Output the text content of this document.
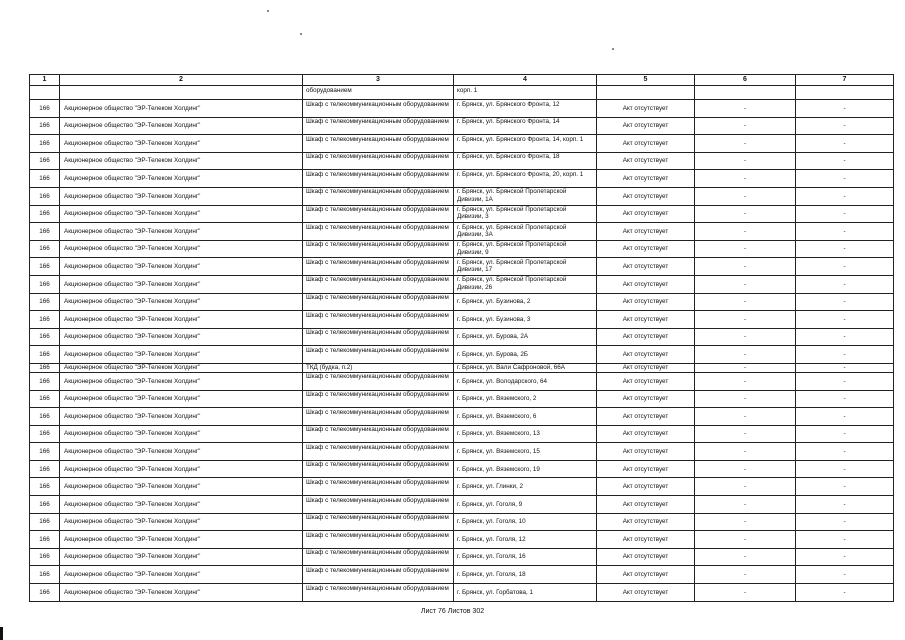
1	2	3	4	5	6	7
		оборудованием	корп. 1			
166	Акционерное общество "ЭР-Телеком Холдинг"	Шкаф с телекоммуникационным оборудованием	г. Брянск, ул. Брянского Фронта, 12	Акт отсутствует	-	-
166	Акционерное общество "ЭР-Телеком Холдинг"	Шкаф с телекоммуникационным оборудованием	г. Брянск, ул. Брянского Фронта, 14	Акт отсутствует	-	-
166	Акционерное общество "ЭР-Телеком Холдинг"	Шкаф с телекоммуникационным оборудованием	г. Брянск, ул. Брянского Фронта, 14, корп. 1	Акт отсутствует	-	-
166	Акционерное общество "ЭР-Телеком Холдинг"	Шкаф с телекоммуникационным оборудованием	г. Брянск, ул. Брянского Фронта, 18	Акт отсутствует	-	-
166	Акционерное общество "ЭР-Телеком Холдинг"	Шкаф с телекоммуникационным оборудованием	г. Брянск, ул. Брянского Фронта, 20, корп. 1	Акт отсутствует	-	-
166	Акционерное общество "ЭР-Телеком Холдинг"	Шкаф с телекоммуникационным оборудованием	г. Брянск, ул. Брянской Пролетарской Дивизии, 1А	Акт отсутствует	-	-
166	Акционерное общество "ЭР-Телеком Холдинг"	Шкаф с телекоммуникационным оборудованием	г. Брянск, ул. Брянской Пролетарской Дивизии, 3	Акт отсутствует	-	-
166	Акционерное общество "ЭР-Телеком Холдинг"	Шкаф с телекоммуникационным оборудованием	г. Брянск, ул. Брянской Пролетарской Дивизии, 3А	Акт отсутствует	-	-
166	Акционерное общество "ЭР-Телеком Холдинг"	Шкаф с телекоммуникационным оборудованием	г. Брянск, ул. Брянской Пролетарской Дивизии, 9	Акт отсутствует	-	-
166	Акционерное общество "ЭР-Телеком Холдинг"	Шкаф с телекоммуникационным оборудованием	г. Брянск, ул. Брянской Пролетарской Дивизии, 17	Акт отсутствует	-	-
166	Акционерное общество "ЭР-Телеком Холдинг"	Шкаф с телекоммуникационным оборудованием	г. Брянск, ул. Брянской Пролетарской Дивизии, 26	Акт отсутствует	-	-
166	Акционерное общество "ЭР-Телеком Холдинг"	Шкаф с телекоммуникационным оборудованием	г. Брянск, ул. Бузинова, 2	Акт отсутствует	-	-
166	Акционерное общество "ЭР-Телеком Холдинг"	Шкаф с телекоммуникационным оборудованием	г. Брянск, ул. Бузинова, 3	Акт отсутствует	-	-
166	Акционерное общество "ЭР-Телеком Холдинг"	Шкаф с телекоммуникационным оборудованием	г. Брянск, ул. Бурова, 2А	Акт отсутствует	-	-
166	Акционерное общество "ЭР-Телеком Холдинг"	Шкаф с телекоммуникационным оборудованием	г. Брянск, ул. Бурова, 2Б	Акт отсутствует	-	-
166	Акционерное общество "ЭР-Телеком Холдинг"	ТКД (будка, п.2)	г. Брянск, ул. Вали Сафроновой, 66А	Акт отсутствует	-	-
166	Акционерное общество "ЭР-Телеком Холдинг"	Шкаф с телекоммуникационным оборудованием	г. Брянск, ул. Володарского, 64	Акт отсутствует	-	-
166	Акционерное общество "ЭР-Телеком Холдинг"	Шкаф с телекоммуникационным оборудованием	г. Брянск, ул. Вяземского, 2	Акт отсутствует	-	-
166	Акционерное общество "ЭР-Телеком Холдинг"	Шкаф с телекоммуникационным оборудованием	г. Брянск, ул. Вяземского, 6	Акт отсутствует	-	-
166	Акционерное общество "ЭР-Телеком Холдинг"	Шкаф с телекоммуникационным оборудованием	г. Брянск, ул. Вяземского, 13	Акт отсутствует	-	-
166	Акционерное общество "ЭР-Телеком Холдинг"	Шкаф с телекоммуникационным оборудованием	г. Брянск, ул. Вяземского, 15	Акт отсутствует	-	-
166	Акционерное общество "ЭР-Телеком Холдинг"	Шкаф с телекоммуникационным оборудованием	г. Брянск, ул. Вяземского, 19	Акт отсутствует	-	-
166	Акционерное общество "ЭР-Телеком Холдинг"	Шкаф с телекоммуникационным оборудованием	г. Брянск, ул. Глинки, 2	Акт отсутствует	-	-
166	Акционерное общество "ЭР-Телеком Холдинг"	Шкаф с телекоммуникационным оборудованием	г. Брянск, ул. Гоголя, 9	Акт отсутствует	-	-
166	Акционерное общество "ЭР-Телеком Холдинг"	Шкаф с телекоммуникационным оборудованием	г. Брянск, ул. Гоголя, 10	Акт отсутствует	-	-
166	Акционерное общество "ЭР-Телеком Холдинг"	Шкаф с телекоммуникационным оборудованием	г. Брянск, ул. Гоголя, 12	Акт отсутствует	-	-
166	Акционерное общество "ЭР-Телеком Холдинг"	Шкаф с телекоммуникационным оборудованием	г. Брянск, ул. Гоголя, 16	Акт отсутствует	-	-
166	Акционерное общество "ЭР-Телеком Холдинг"	Шкаф с телекоммуникационным оборудованием	г. Брянск, ул. Гоголя, 18	Акт отсутствует	-	-
166	Акционерное общество "ЭР-Телеком Холдинг"	Шкаф с телекоммуникационным оборудованием	г. Брянск, ул. Горбатова, 1	Акт отсутствует	-	-
Лист 76 Листов 302
